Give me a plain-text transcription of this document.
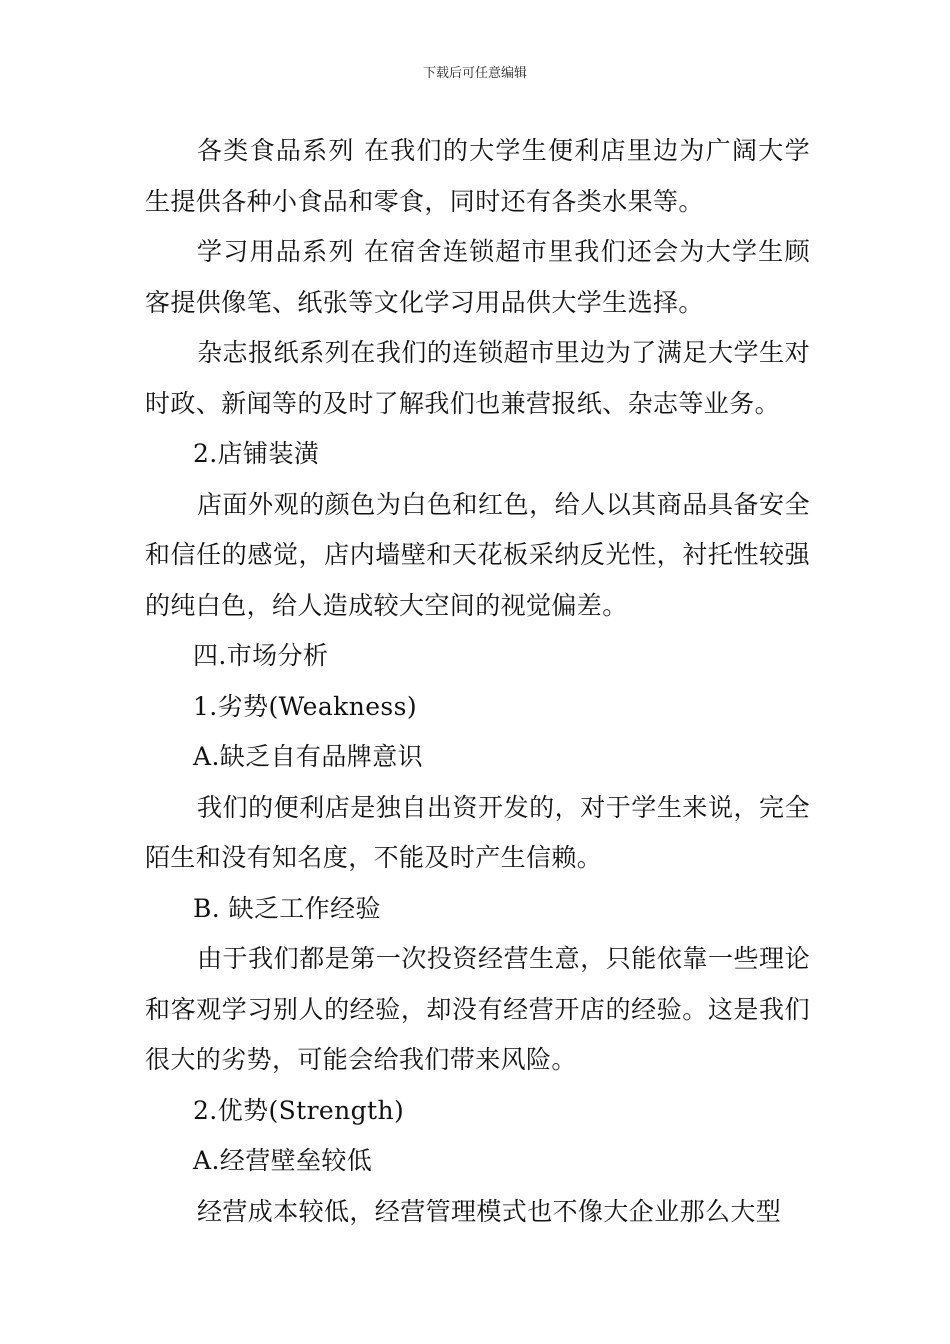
下载后可任意编辑

各类食品系列 在我们的大学生便利店里边为广阔大学生提供各种小食品和零食，同时还有各类水果等。

学习用品系列 在宿舍连锁超市里我们还会为大学生顾客提供像笔、纸张等文化学习用品供大学生选择。

杂志报纸系列在我们的连锁超市里边为了满足大学生对时政、新闻等的及时了解我们也兼营报纸、杂志等业务。

2.店铺装潢

店面外观的颜色为白色和红色，给人以其商品具备安全和信任的感觉，店内墙壁和天花板采纳反光性，衬托性较强的纯白色，给人造成较大空间的视觉偏差。

四.市场分析

1.劣势(Weakness)

A.缺乏自有品牌意识

我们的便利店是独自出资开发的，对于学生来说，完全陌生和没有知名度，不能及时产生信赖。

B. 缺乏工作经验

由于我们都是第一次投资经营生意，只能依靠一些理论和客观学习别人的经验，却没有经营开店的经验。这是我们很大的劣势，可能会给我们带来风险。

2.优势(Strength)

A.经营壁垒较低

经营成本较低，经营管理模式也不像大企业那么大型
